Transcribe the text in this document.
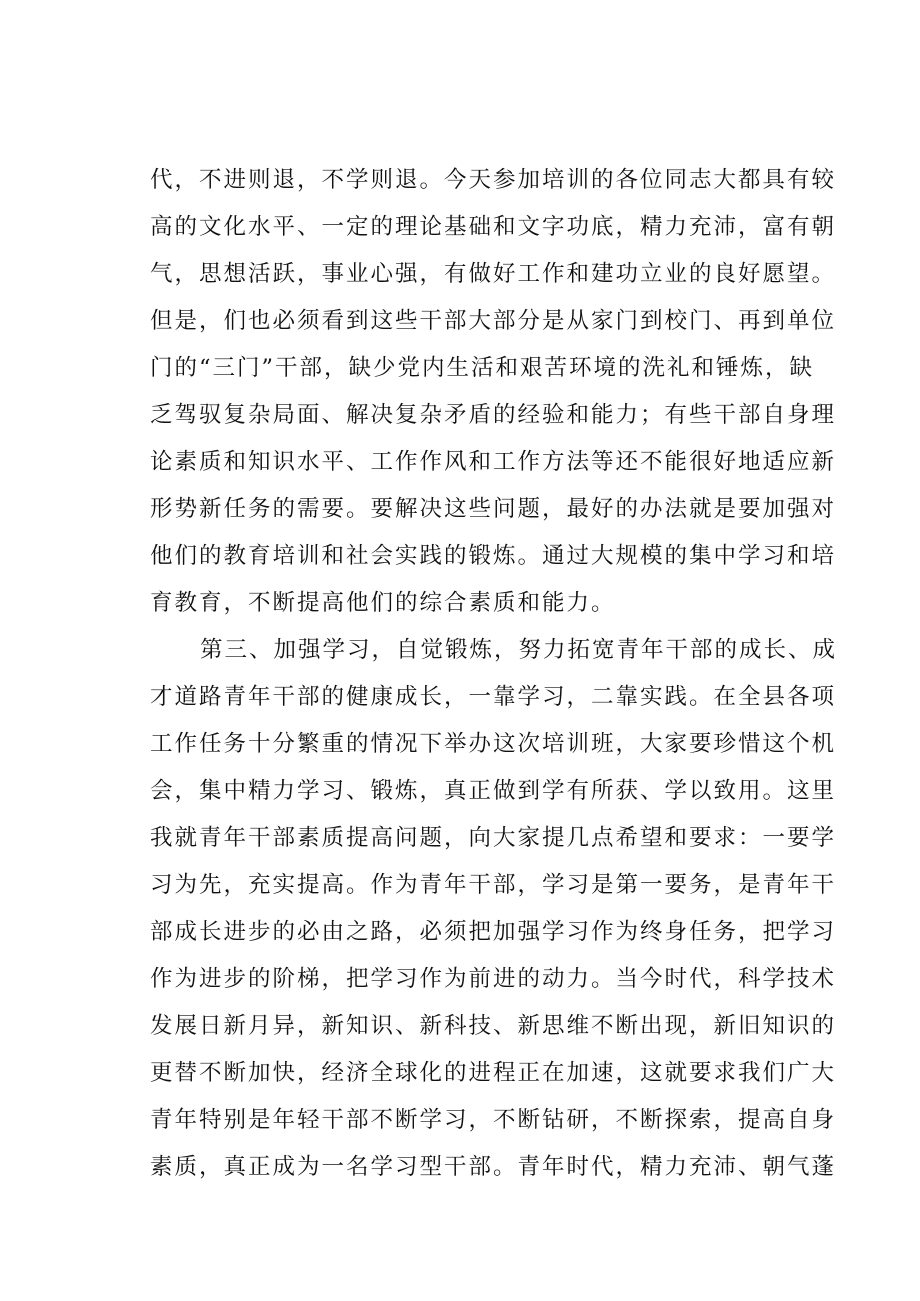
代，不进则退，不学则退。今天参加培训的各位同志大都具有较
高的文化水平、一定的理论基础和文字功底，精力充沛，富有朝
气，思想活跃，事业心强，有做好工作和建功立业的良好愿望。
但是，们也必须看到这些干部大部分是从家门到校门、再到单位
门的“三门”干部，缺少党内生活和艰苦环境的洗礼和锤炼，缺
乏驾驭复杂局面、解决复杂矛盾的经验和能力；有些干部自身理
论素质和知识水平、工作作风和工作方法等还不能很好地适应新
形势新任务的需要。要解决这些问题，最好的办法就是要加强对
他们的教育培训和社会实践的锻炼。通过大规模的集中学习和培
育教育，不断提高他们的综合素质和能力。
第三、加强学习，自觉锻炼，努力拓宽青年干部的成长、成
才道路青年干部的健康成长，一靠学习，二靠实践。在全县各项
工作任务十分繁重的情况下举办这次培训班，大家要珍惜这个机
会，集中精力学习、锻炼，真正做到学有所获、学以致用。这里
我就青年干部素质提高问题，向大家提几点希望和要求：一要学
习为先，充实提高。作为青年干部，学习是第一要务，是青年干
部成长进步的必由之路，必须把加强学习作为终身任务，把学习
作为进步的阶梯，把学习作为前进的动力。当今时代，科学技术
发展日新月异，新知识、新科技、新思维不断出现，新旧知识的
更替不断加快，经济全球化的进程正在加速，这就要求我们广大
青年特别是年轻干部不断学习，不断钻研，不断探索，提高自身
素质，真正成为一名学习型干部。青年时代，精力充沛、朝气蓬
